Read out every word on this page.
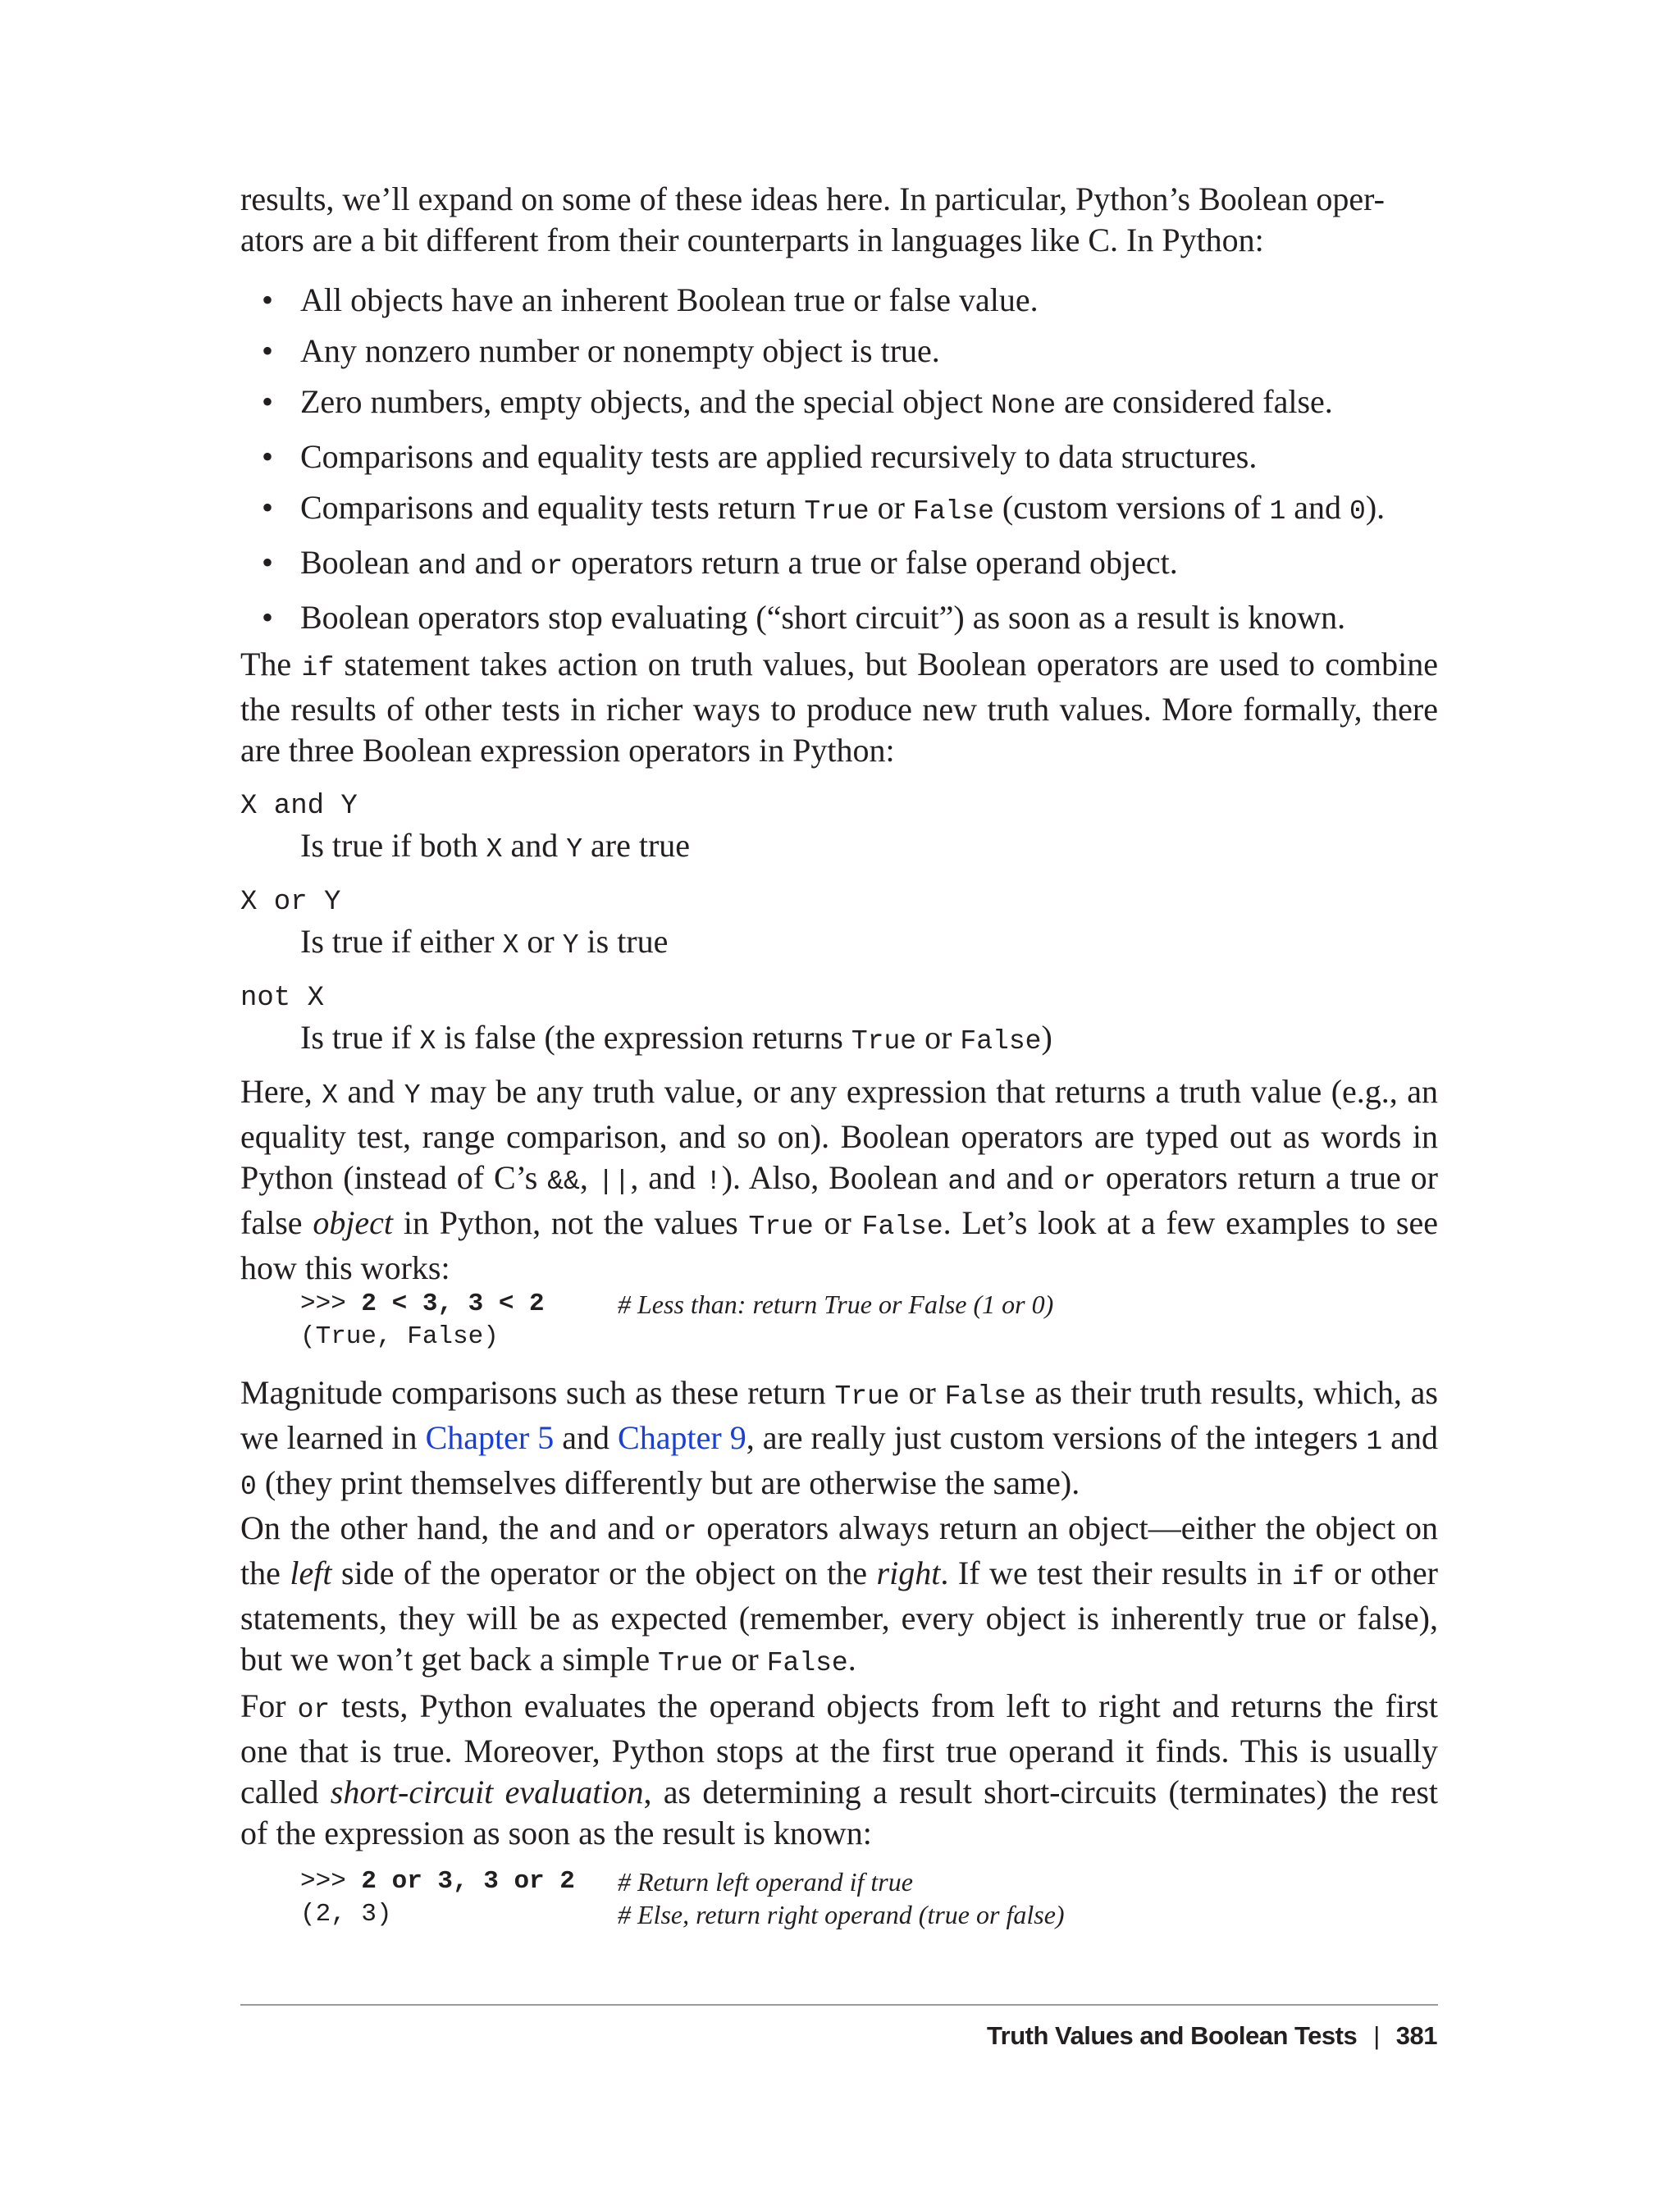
results, we’ll expand on some of these ideas here. In particular, Python’s Boolean oper-
ators are a bit different from their counterparts in languages like C. In Python:
• All objects have an inherent Boolean true or false value.
• Any nonzero number or nonempty object is true.
• Zero numbers, empty objects, and the special object None are considered false.
• Comparisons and equality tests are applied recursively to data structures.
• Comparisons and equality tests return True or False (custom versions of 1 and 0).
• Boolean and and or operators return a true or false operand object.
• Boolean operators stop evaluating (“short circuit”) as soon as a result is known.

The if statement takes action on truth values, but Boolean operators are used to combine the results of other tests in richer ways to produce new truth values. More formally, there are three Boolean expression operators in Python:

X and Y
Is true if both X and Y are true
X or Y
Is true if either X or Y is true
not X
Is true if X is false (the expression returns True or False)

Here, X and Y may be any truth value, or any expression that returns a truth value (e.g., an equality test, range comparison, and so on). Boolean operators are typed out as words in Python (instead of C’s &&, ||, and !). Also, Boolean and and or operators return a true or false object in Python, not the values True or False. Let’s look at a few examples to see how this works:

>>> 2 < 3, 3 < 2	# Less than: return True or False (1 or 0)
(True, False)

Magnitude comparisons such as these return True or False as their truth results, which, as we learned in Chapter 5 and Chapter 9, are really just custom versions of the integers 1 and 0 (they print themselves differently but are otherwise the same).

On the other hand, the and and or operators always return an object—either the object on the left side of the operator or the object on the right. If we test their results in if or other statements, they will be as expected (remember, every object is inherently true or false), but we won’t get back a simple True or False.

For or tests, Python evaluates the operand objects from left to right and returns the first one that is true. Moreover, Python stops at the first true operand it finds. This is usually called short-circuit evaluation, as determining a result short-circuits (terminates) the rest of the expression as soon as the result is known:

>>> 2 or 3, 3 or 2	# Return left operand if true
(2, 3)	# Else, return right operand (true or false)
Truth Values and Boolean Tests | 381
